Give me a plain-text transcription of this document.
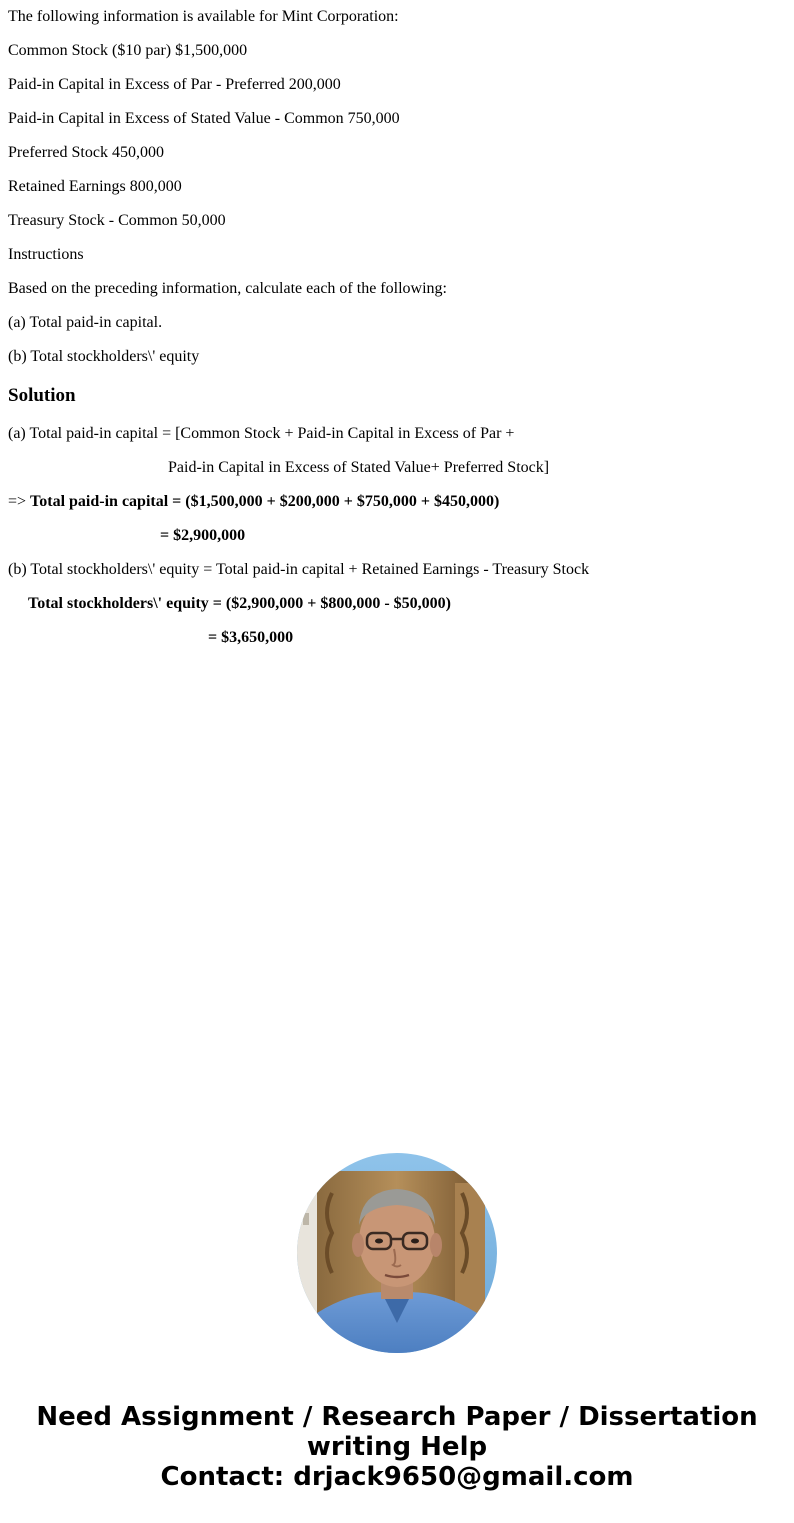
The following information is available for Mint Corporation:
Common Stock ($10 par) $1,500,000
Paid-in Capital in Excess of Par - Preferred 200,000
Paid-in Capital in Excess of Stated Value - Common 750,000
Preferred Stock 450,000
Retained Earnings 800,000
Treasury Stock - Common 50,000
Instructions
Based on the preceding information, calculate each of the following:
(a) Total paid-in capital.
(b) Total stockholders\' equity
Solution
(a) Total paid-in capital = [Common Stock + Paid-in Capital in Excess of Par +
Paid-in Capital in Excess of Stated Value+ Preferred Stock]
=> Total paid-in capital = ($1,500,000 + $200,000 + $750,000 + $450,000)
= $2,900,000
(b) Total stockholders\' equity = Total paid-in capital + Retained Earnings - Treasury Stock
Total stockholders\' equity = ($2,900,000 + $800,000 - $50,000)
= $3,650,000
Need Assignment / Research Paper / Dissertation
writing Help
Contact: drjack9650@gmail.com
